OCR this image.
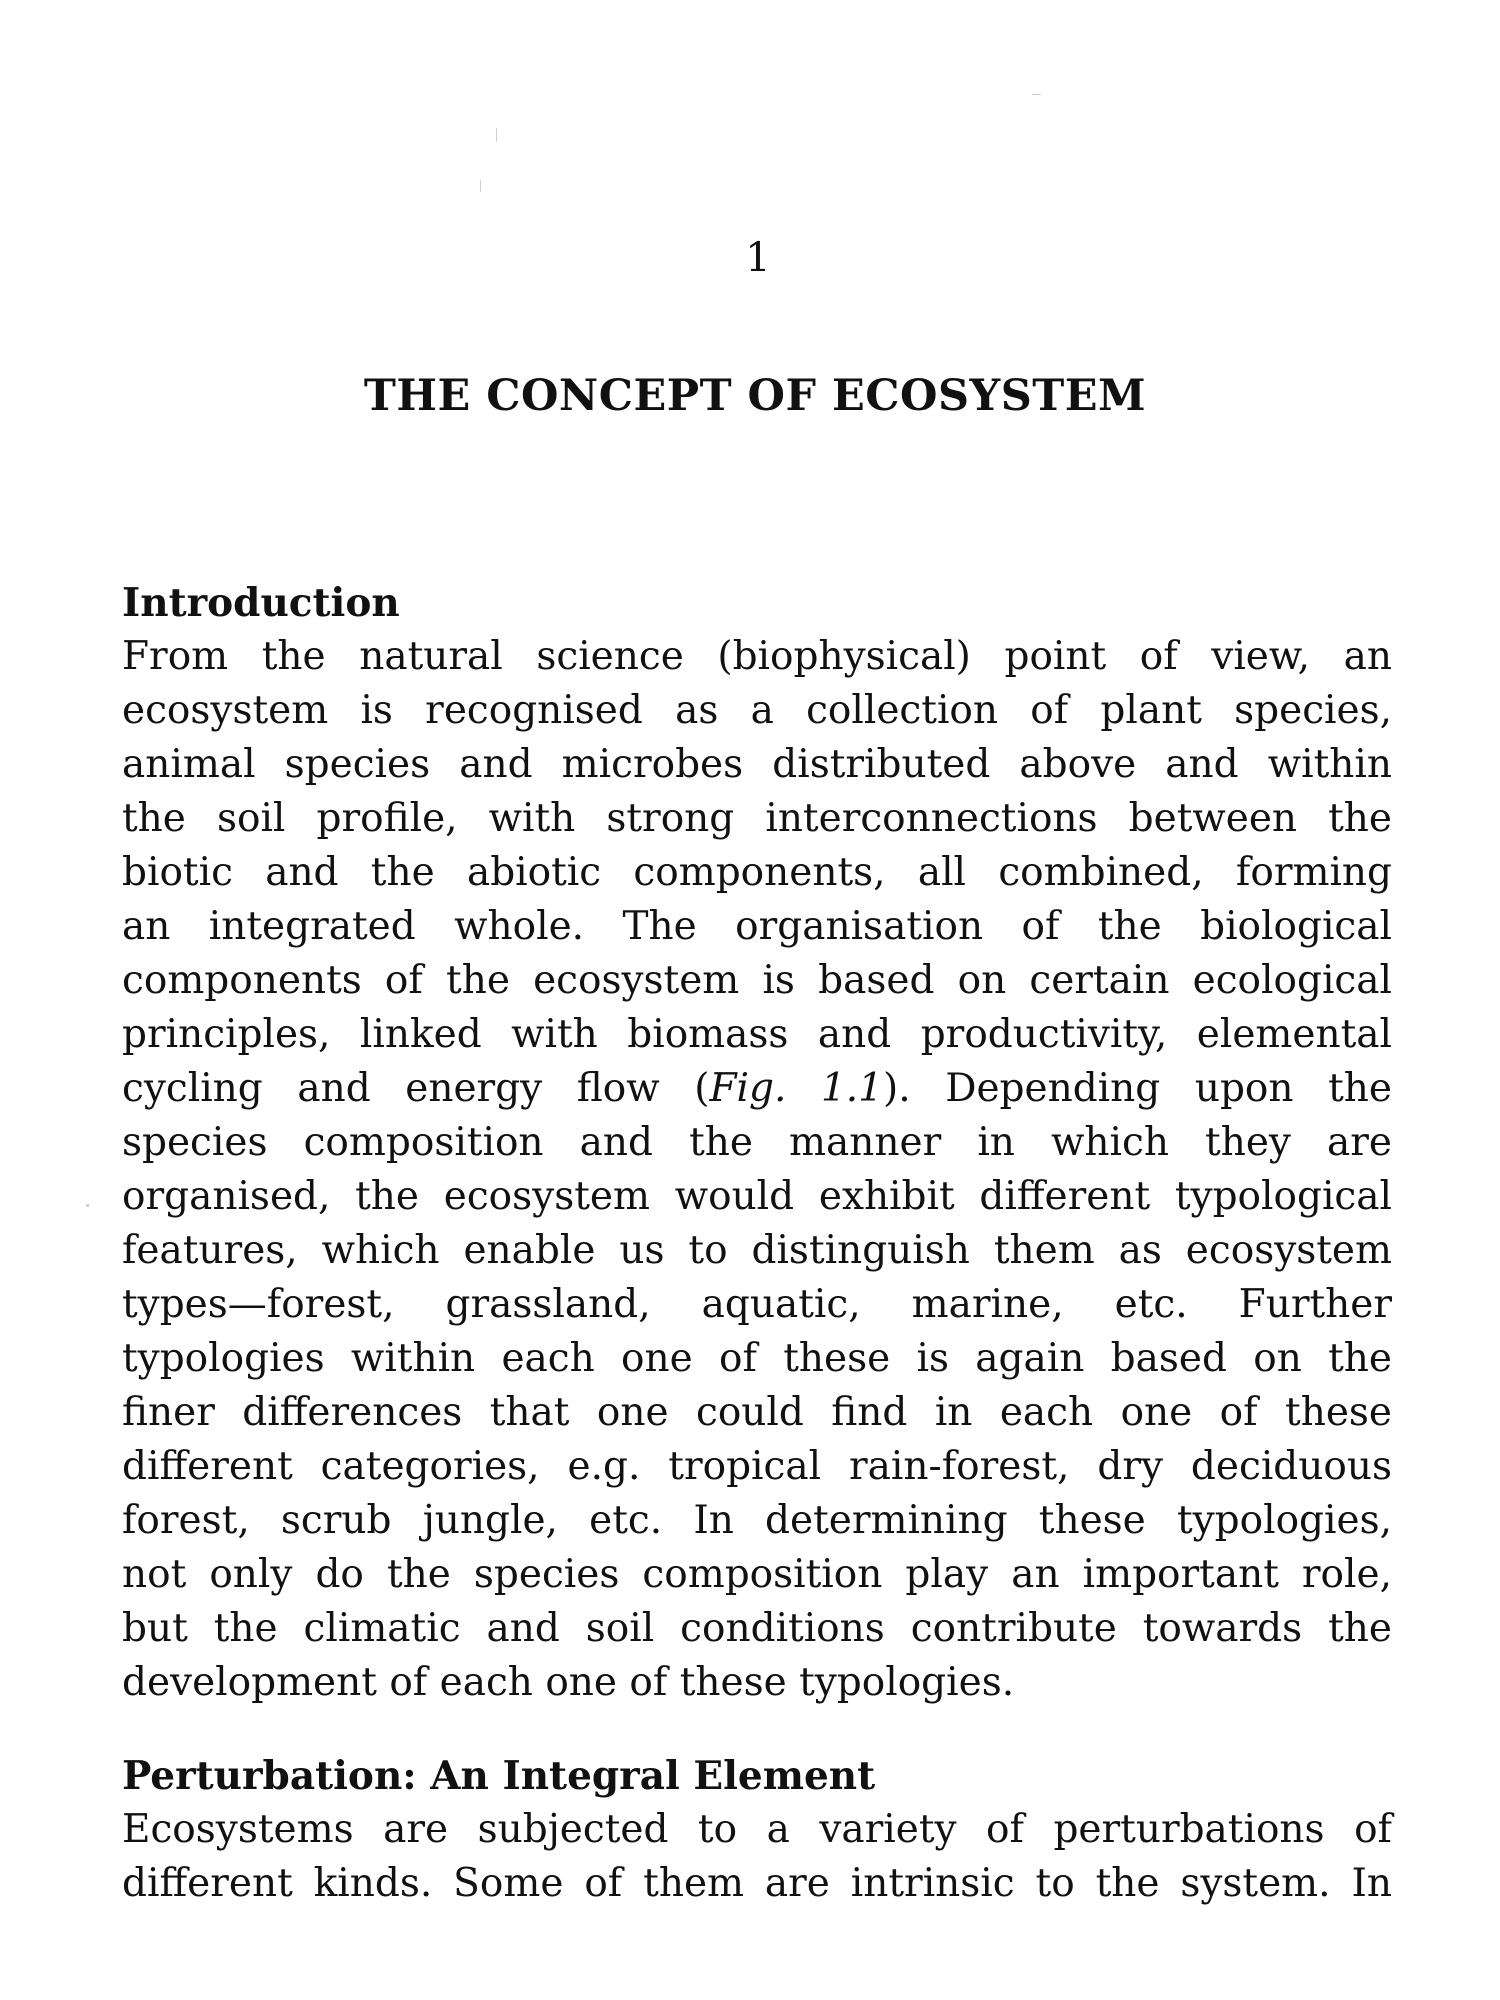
1
THE CONCEPT OF ECOSYSTEM
Introduction

From the natural science (biophysical) point of view, an
ecosystem is recognised as a collection of plant species,
animal species and microbes distributed above and within
the soil profile, with strong interconnections between the
biotic and the abiotic components, all combined, forming
an integrated whole. The organisation of the biological
components of the ecosystem is based on certain ecological
principles, linked with biomass and productivity, elemental
cycling and energy flow (Fig. 1.1). Depending upon the
species composition and the manner in which they are
organised, the ecosystem would exhibit different typological
features, which enable us to distinguish them as ecosystem
types—forest, grassland, aquatic, marine, etc. Further
typologies within each one of these is again based on the
finer differences that one could find in each one of these
different categories, e.g. tropical rain-forest, dry deciduous
forest, scrub jungle, etc. In determining these typologies,
not only do the species composition play an important role,
but the climatic and soil conditions contribute towards the
development of each one of these typologies.

Perturbation: An Integral Element

Ecosystems are subjected to a variety of perturbations of
different kinds. Some of them are intrinsic to the system. In
